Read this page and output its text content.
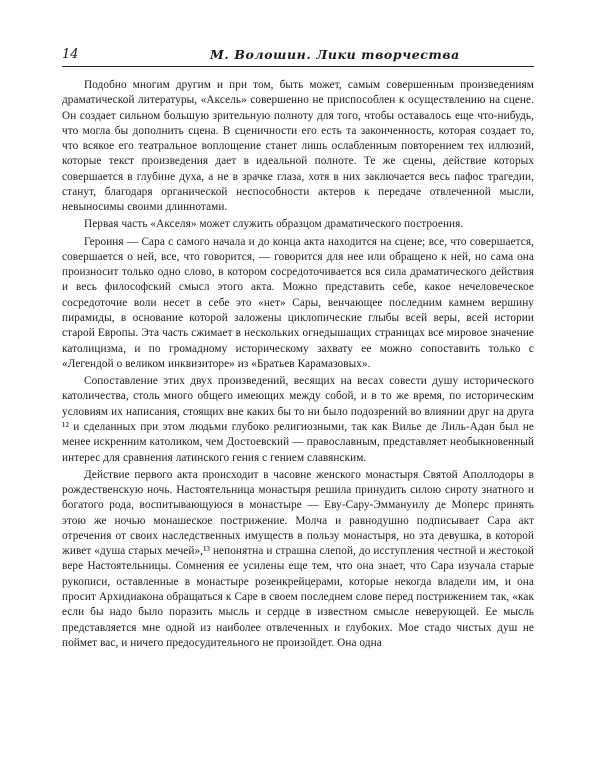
14	М. Волошин. Лики творчества

Подобно многим другим и при том, быть может, самым совершенным произведениям драматической литературы, «Аксель» совершенно не приспособлен к осуществлению на сцене. Он создает сильном большую зрительную полноту для того, чтобы оставалось еще что-нибудь, что могла бы дополнить сцена. В сценичности его есть та законченность, которая создает то, что всякое его театральное воплощение станет лишь ослабленным повторением тех иллюзий, которые текст произведения дает в идеальной полноте. Те же сцены, действие которых совершается в глубине духа, а не в зрачке глаза, хотя в них заключается весь пафос трагедии, станут, благодаря органической неспособности актеров к передаче отвлеченной мысли, невыносимы своими длиннотами.

Первая часть «Акселя» может служить образцом драматического построения.

Героиня — Сара с самого начала и до конца акта находится на сцене; все, что совершается, совершается о ней, все, что говорится, — говорится для нее или обращено к ней, но сама она произносит только одно слово, в котором сосредоточивается вся сила драматического действия и весь философский смысл этого акта. Можно представить себе, какое нечеловеческое сосредоточие воли несет в себе это «нет» Сары, венчающее последним камнем вершину пирамиды, в основание которой заложены циклопические глыбы всей веры, всей истории старой Европы. Эта часть сжимает в нескольких огнедышащих страницах все мировое значение католицизма, и по громадному историческому захвату ее можно сопоставить только с «Легендой о великом инквизиторе» из «Братьев Карамазовых».

Сопоставление этих двух произведений, весящих на весах совести душу исторического католичества, столь много общего имеющих между собой, и в то же время, по историческим условиям их написания, стоящих вне каких бы то ни было подозрений во влиянии друг на друга ¹² и сделанных при этом людьми глубоко религиозными, так как Вилье де Лиль-Адан был не менее искренним католиком, чем Достоевский — православным, представляет необыкновенный интерес для сравнения латинского гения с гением славянским.

Действие первого акта происходит в часовне женского монастыря Святой Аполлодоры в рождественскую ночь. Настоятельница монастыря решила принудить силою сироту знатного и богатого рода, воспитывающуюся в монастыре — Еву-Сару-Эммануилу де Моперс принять этою же ночью монашеское пострижение. Молча и равнодушно подписывает Сара акт отречения от своих наследственных имуществ в пользу монастыря, но эта девушка, в которой живет «душа старых мечей»,¹³ непонятна и страшна слепой, до исступления честной и жестокой вере Настоятельницы. Сомнения ее усилены еще тем, что она знает, что Сара изучала старые рукописи, оставленные в монастыре розенкрейцерами, которые некогда владели им, и она просит Архидиакона обращаться к Саре в своем последнем слове перед пострижением так, «как если бы надо было поразить мысль и сердце в известном смысле неверующей. Ее мысль представляется мне одной из наиболее отвлеченных и глубоких. Мое стадо чистых душ не поймет вас, и ничего предосудительного не произойдет. Она одна
